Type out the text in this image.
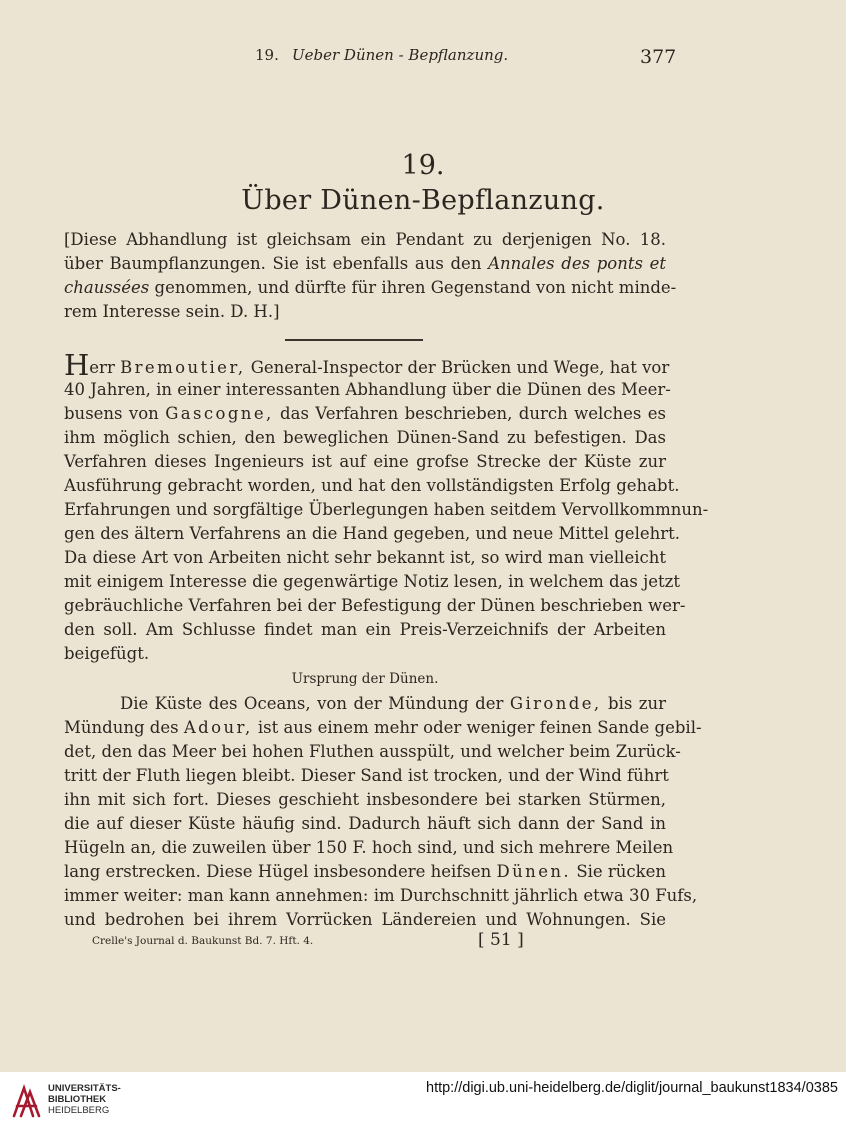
19. Ueber Dünen - Bepflanzung.	377
19.
Über Dünen-Bepflanzung.
[Diese Abhandlung ist gleichsam ein Pendant zu derjenigen No. 18.
über Baumpflanzungen. Sie ist ebenfalls aus den Annales des ponts et
chaussées genommen, und dürfte für ihren Gegenstand von nicht minde-
rem Interesse sein. D. H.]
Herr Bremoutier, General-Inspector der Brücken und Wege, hat vor
40 Jahren, in einer interessanten Abhandlung über die Dünen des Meer-
busens von Gascogne, das Verfahren beschrieben, durch welches es
ihm möglich schien, den beweglichen Dünen-Sand zu befestigen. Das
Verfahren dieses Ingenieurs ist auf eine grofse Strecke der Küste zur
Ausführung gebracht worden, und hat den vollständigsten Erfolg gehabt.
Erfahrungen und sorgfältige Überlegungen haben seitdem Vervollkommnun-
gen des ältern Verfahrens an die Hand gegeben, und neue Mittel gelehrt.
Da diese Art von Arbeiten nicht sehr bekannt ist, so wird man vielleicht
mit einigem Interesse die gegenwärtige Notiz lesen, in welchem das jetzt
gebräuchliche Verfahren bei der Befestigung der Dünen beschrieben wer-
den soll. Am Schlusse findet man ein Preis-Verzeichnifs der Arbeiten
beigefügt.
Ursprung der Dünen.
Die Küste des Oceans, von der Mündung der Gironde, bis zur
Mündung des Adour, ist aus einem mehr oder weniger feinen Sande gebil-
det, den das Meer bei hohen Fluthen ausspült, und welcher beim Zurück-
tritt der Fluth liegen bleibt. Dieser Sand ist trocken, und der Wind führt
ihn mit sich fort. Dieses geschieht insbesondere bei starken Stürmen,
die auf dieser Küste häufig sind. Dadurch häuft sich dann der Sand in
Hügeln an, die zuweilen über 150 F. hoch sind, und sich mehrere Meilen
lang erstrecken. Diese Hügel insbesondere heifsen Dünen. Sie rücken
immer weiter: man kann annehmen: im Durchschnitt jährlich etwa 30 Fufs,
und bedrohen bei ihrem Vorrücken Ländereien und Wohnungen. Sie
Crelle's Journal d. Baukunst Bd. 7. Hft. 4.	[ 51 ]
UNIVERSITÄTS-
BIBLIOTHEK
HEIDELBERG
http://digi.ub.uni-heidelberg.de/diglit/journal_baukunst1834/0385
